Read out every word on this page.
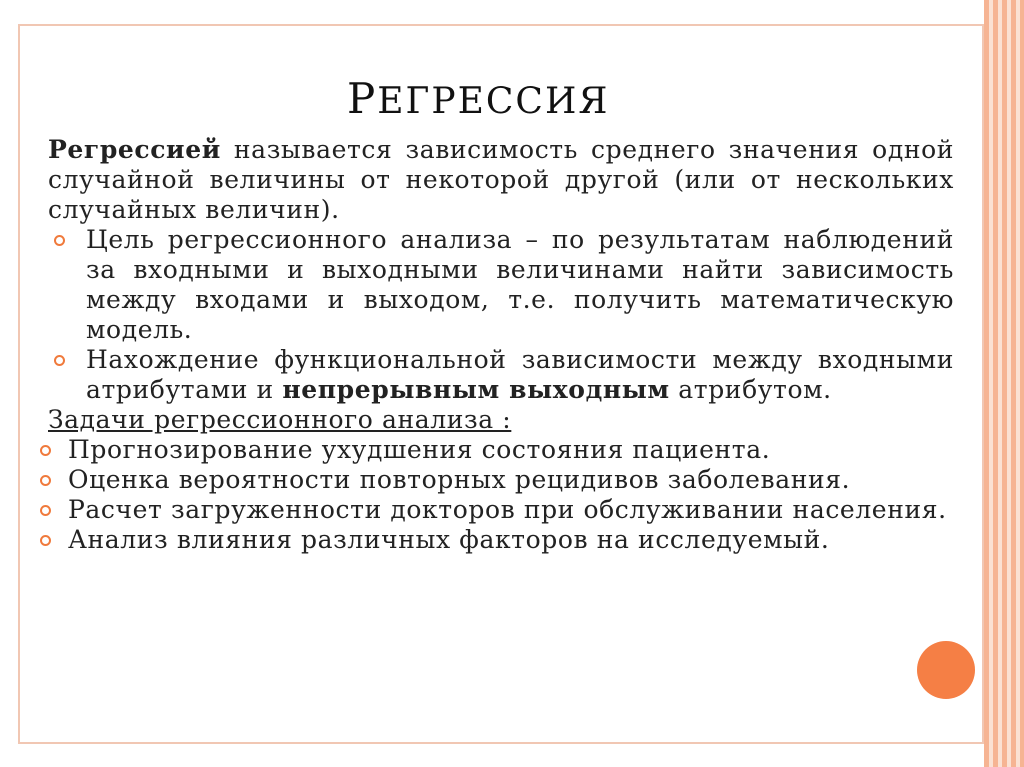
РЕГРЕССИЯ

Регрессией называется зависимость среднего значения одной случайной величины от некоторой другой (или от нескольких случайных величин).

Цель регрессионного анализа – по результатам наблюдений за входными и выходными величинами найти зависимость между входами и выходом, т.е. получить математическую модель.

Нахождение функциональной зависимости между входными атрибутами и непрерывным выходным атрибутом.

Задачи регрессионного анализа :

Прогнозирование ухудшения состояния пациента.

Оценка вероятности повторных рецидивов заболевания.

Расчет загруженности докторов при обслуживании населения.

Анализ влияния различных факторов на исследуемый.
